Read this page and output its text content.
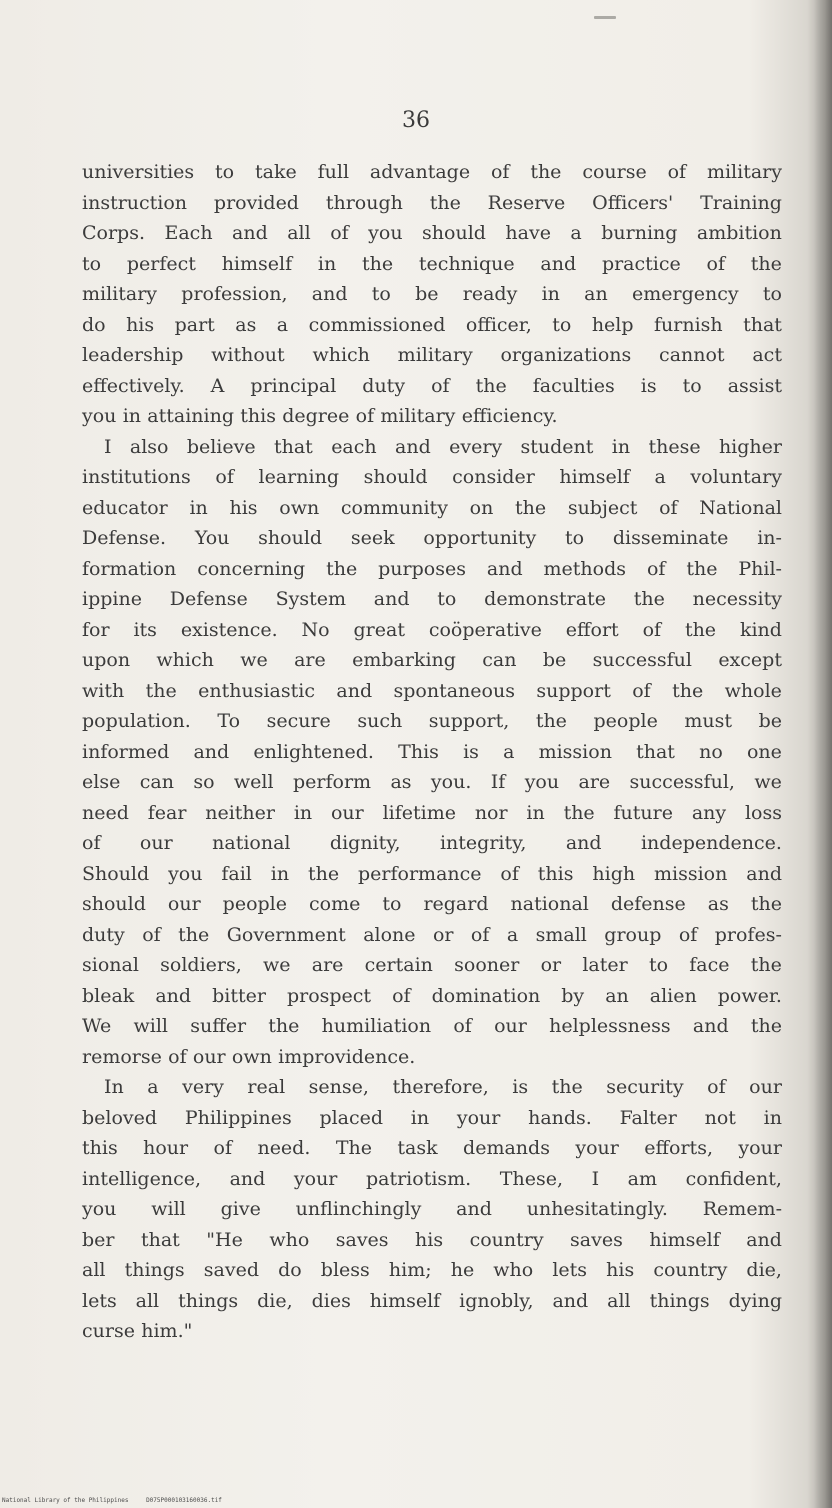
36
universities to take full advantage of the course of military
instruction provided through the Reserve Officers' Training
Corps. Each and all of you should have a burning ambition
to perfect himself in the technique and practice of the
military profession, and to be ready in an emergency to
do his part as a commissioned officer, to help furnish that
leadership without which military organizations cannot act
effectively. A principal duty of the faculties is to assist
you in attaining this degree of military efficiency.
I also believe that each and every student in these higher
institutions of learning should consider himself a voluntary
educator in his own community on the subject of National
Defense. You should seek opportunity to disseminate in-
formation concerning the purposes and methods of the Phil-
ippine Defense System and to demonstrate the necessity
for its existence. No great coöperative effort of the kind
upon which we are embarking can be successful except
with the enthusiastic and spontaneous support of the whole
population. To secure such support, the people must be
informed and enlightened. This is a mission that no one
else can so well perform as you. If you are successful, we
need fear neither in our lifetime nor in the future any loss
of our national dignity, integrity, and independence.
Should you fail in the performance of this high mission and
should our people come to regard national defense as the
duty of the Government alone or of a small group of profes-
sional soldiers, we are certain sooner or later to face the
bleak and bitter prospect of domination by an alien power.
We will suffer the humiliation of our helplessness and the
remorse of our own improvidence.
In a very real sense, therefore, is the security of our
beloved Philippines placed in your hands. Falter not in
this hour of need. The task demands your efforts, your
intelligence, and your patriotism. These, I am confident,
you will give unflinchingly and unhesitatingly. Remem-
ber that "He who saves his country saves himself and
all things saved do bless him; he who lets his country die,
lets all things die, dies himself ignobly, and all things dying
curse him."
National Library of the Philippines	D075P000103160036.tif
